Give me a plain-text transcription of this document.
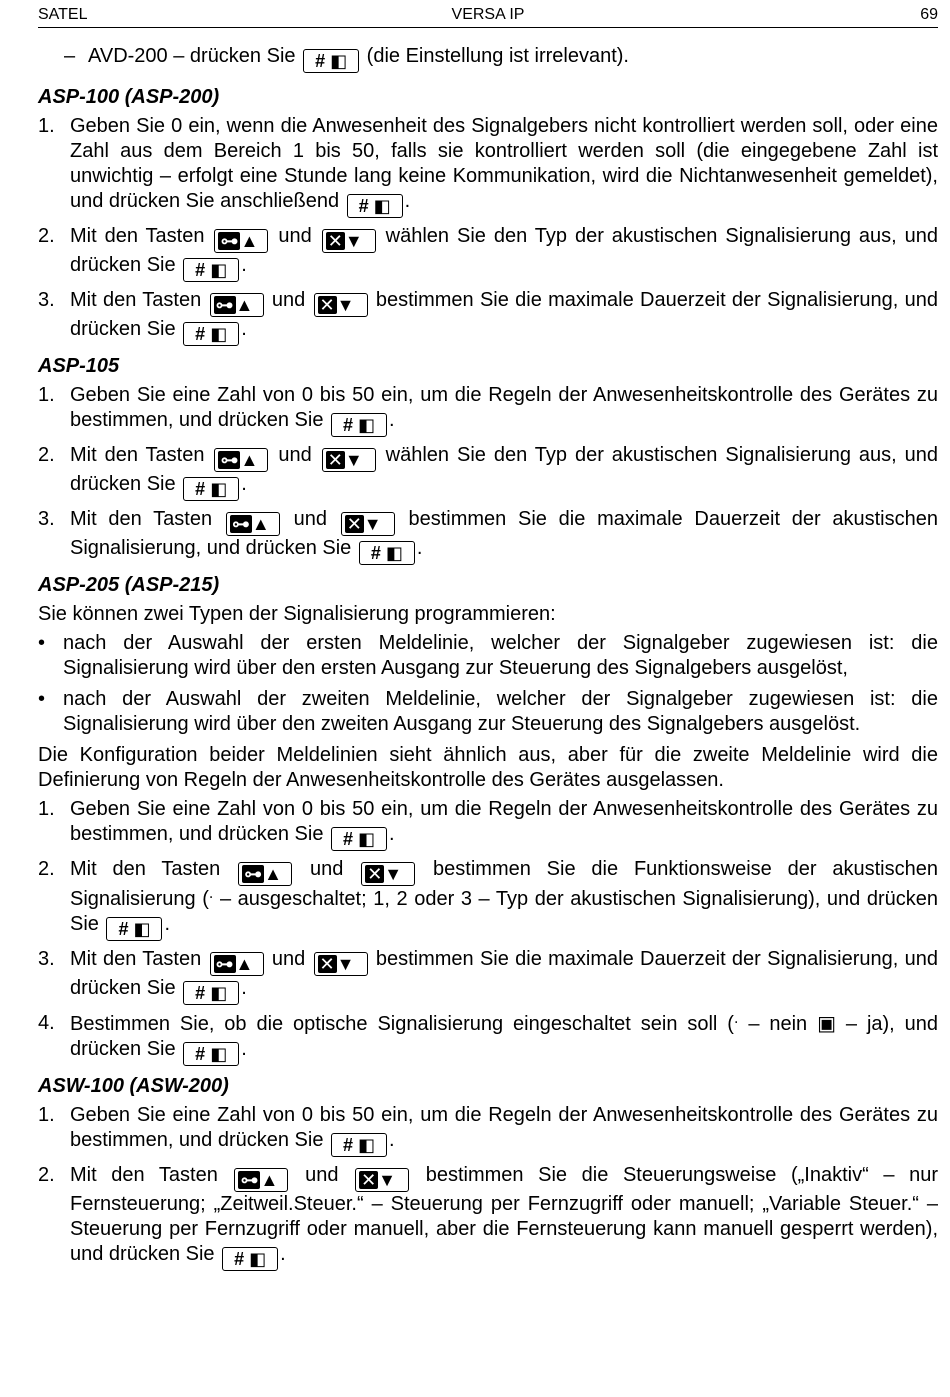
SATEL	VERSA IP	69
– AVD-200 – drücken Sie # ◧ (die Einstellung ist irrelevant).
ASP-100 (ASP-200)
1. Geben Sie 0 ein, wenn die Anwesenheit des Signalgebers nicht kontrolliert werden soll, oder eine Zahl aus dem Bereich 1 bis 50, falls sie kontrolliert werden soll (die eingegebene Zahl ist unwichtig – erfolgt eine Stunde lang keine Kommunikation, wird die Nichtanwesenheit gemeldet), und drücken Sie anschließend # ◧ .
2. Mit den Tasten ⊶ ▲ und ✕ ▼ wählen Sie den Typ der akustischen Signalisierung aus, und drücken Sie # ◧ .
3. Mit den Tasten ⊶ ▲ und ✕ ▼ bestimmen Sie die maximale Dauerzeit der Signalisierung, und drücken Sie # ◧ .
ASP-105
1. Geben Sie eine Zahl von 0 bis 50 ein, um die Regeln der Anwesenheitskontrolle des Gerätes zu bestimmen, und drücken Sie # ◧ .
2. Mit den Tasten ⊶ ▲ und ✕ ▼ wählen Sie den Typ der akustischen Signalisierung aus, und drücken Sie # ◧ .
3. Mit den Tasten ⊶ ▲ und ✕ ▼ bestimmen Sie die maximale Dauerzeit der akustischen Signalisierung, und drücken Sie # ◧ .
ASP-205 (ASP-215)

Sie können zwei Typen der Signalisierung programmieren:

• nach der Auswahl der ersten Meldelinie, welcher der Signalgeber zugewiesen ist: die Signalisierung wird über den ersten Ausgang zur Steuerung des Signalgebers ausgelöst,
• nach der Auswahl der zweiten Meldelinie, welcher der Signalgeber zugewiesen ist: die Signalisierung wird über den zweiten Ausgang zur Steuerung des Signalgebers ausgelöst.

Die Konfiguration beider Meldelinien sieht ähnlich aus, aber für die zweite Meldelinie wird die Definierung von Regeln der Anwesenheitskontrolle des Gerätes ausgelassen.

1. Geben Sie eine Zahl von 0 bis 50 ein, um die Regeln der Anwesenheitskontrolle des Gerätes zu bestimmen, und drücken Sie # ◧ .
2. Mit den Tasten ⊶ ▲ und ✕ ▼ bestimmen Sie die Funktionsweise der akustischen Signalisierung (· – ausgeschaltet; 1, 2 oder 3 – Typ der akustischen Signalisierung), und drücken Sie # ◧ .
3. Mit den Tasten ⊶ ▲ und ✕ ▼ bestimmen Sie die maximale Dauerzeit der Signalisierung, und drücken Sie # ◧ .
4. Bestimmen Sie, ob die optische Signalisierung eingeschaltet sein soll (· – nein ▣ – ja), und drücken Sie # ◧ .
ASW-100 (ASW-200)
1. Geben Sie eine Zahl von 0 bis 50 ein, um die Regeln der Anwesenheitskontrolle des Gerätes zu bestimmen, und drücken Sie # ◧ .
2. Mit den Tasten ⊶ ▲ und ✕ ▼ bestimmen Sie die Steuerungsweise („Inaktiv“ – nur Fernsteuerung; „Zeitweil.Steuer.“ – Steuerung per Fernzugriff oder manuell; „Variable Steuer.“ – Steuerung per Fernzugriff oder manuell, aber die Fernsteuerung kann manuell gesperrt werden), und drücken Sie # ◧ .
